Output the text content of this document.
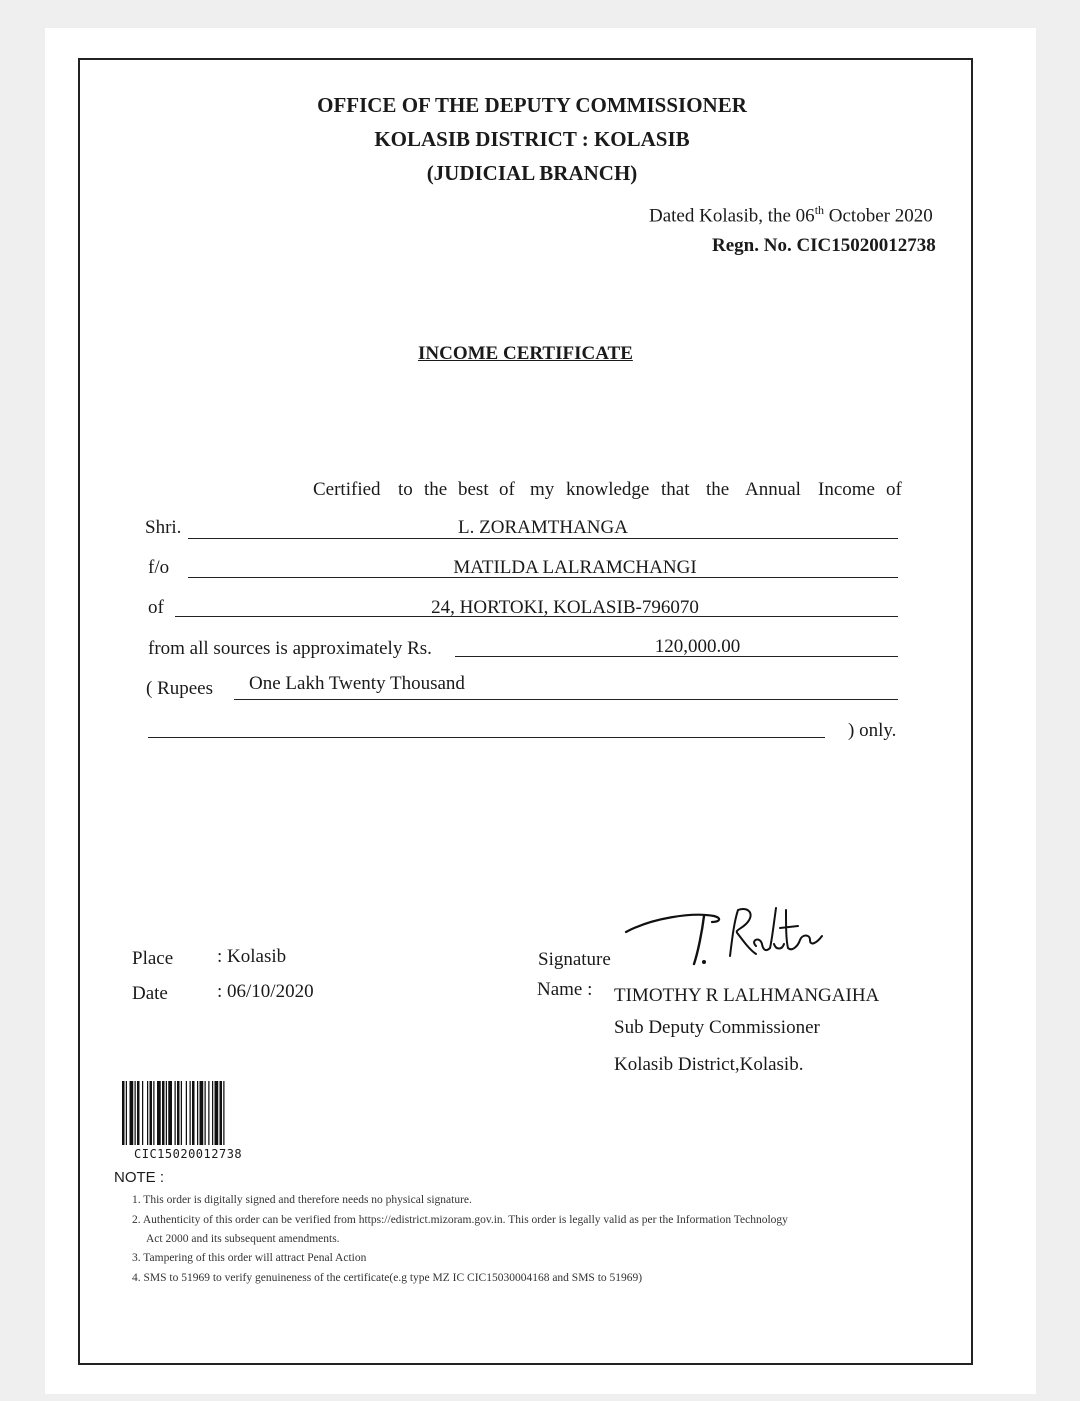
OFFICE OF THE DEPUTY COMMISSIONER
KOLASIB DISTRICT : KOLASIB
(JUDICIAL BRANCH)
Dated Kolasib, the 06th October 2020
Regn. No. CIC15020012738
INCOME CERTIFICATE
Certified to the best of my knowledge that the Annual Income of
Shri.	L. ZORAMTHANGA
f/o	MATILDA LALRAMCHANGI
of	24, HORTOKI, KOLASIB-796070
from all sources is approximately Rs.	120,000.00
( Rupees One Lakh Twenty Thousand
) only.
Place : Kolasib
Date	: 06/10/2020
Signature
Name : TIMOTHY R LALHMANGAIHA
Sub Deputy Commissioner
Kolasib District,Kolasib.
CIC15020012738
NOTE :
1. This order is digitally signed and therefore needs no physical signature.
2. Authenticity of this order can be verified from https://edistrict.mizoram.gov.in. This order is legally valid as per the Information Technology
Act 2000 and its subsequent amendments.
3. Tampering of this order will attract Penal Action
4. SMS to 51969 to verify genuineness of the certificate(e.g type MZ IC CIC15030004168 and SMS to 51969)
